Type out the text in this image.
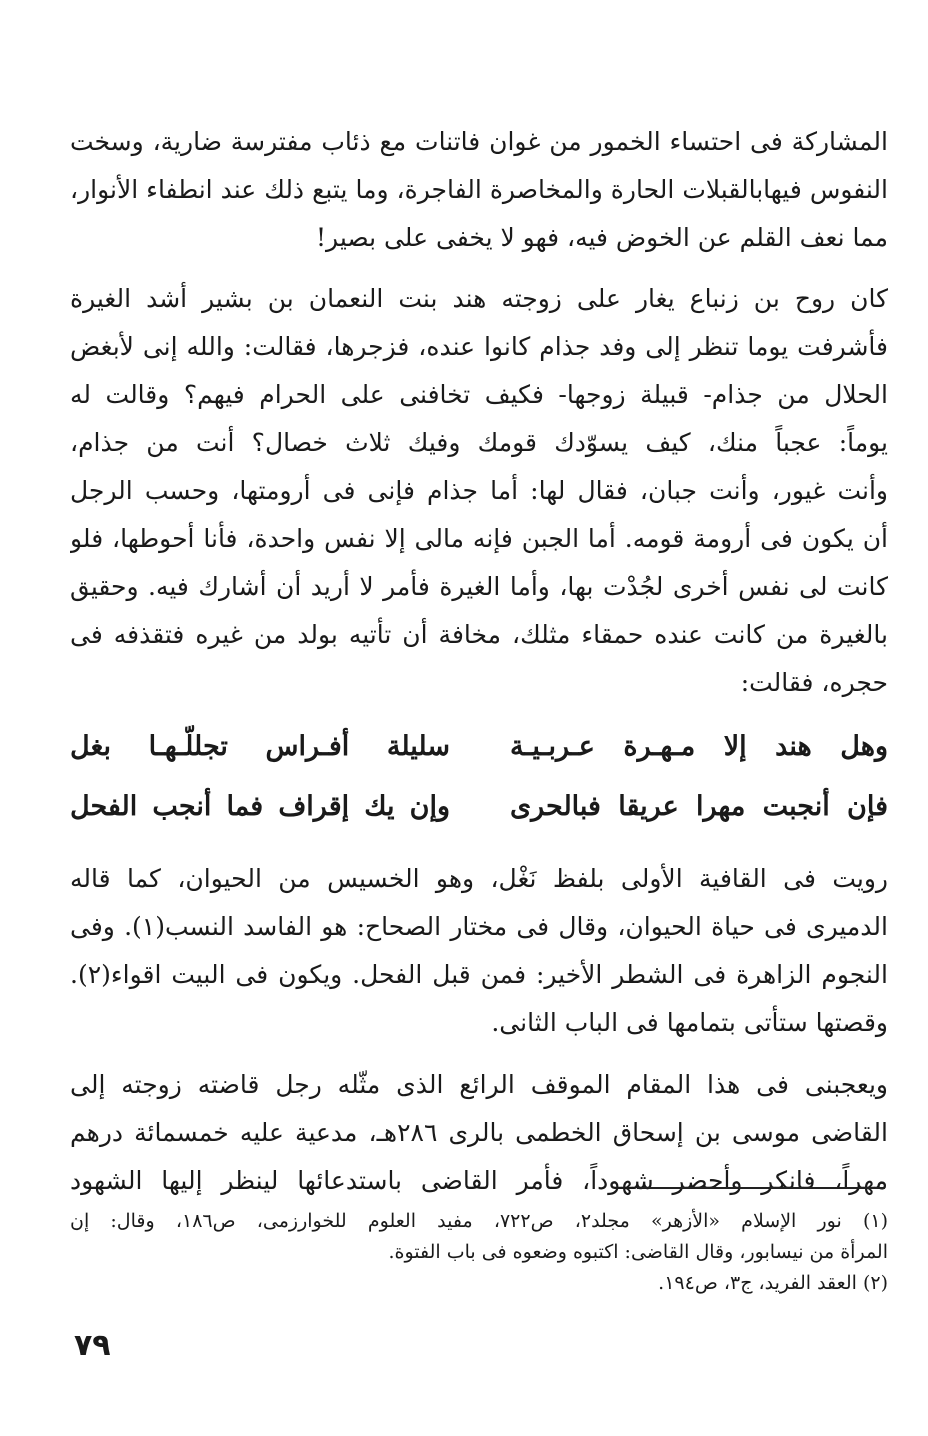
المشاركة فى احتساء الخمور من غوان فاتنات مع ذئاب مفترسة ضارية، وسخت
النفوس فيهابالقبلات الحارة والمخاصرة الفاجرة، وما يتبع ذلك عند انطفاء الأنوار،
مما نعف القلم عن الخوض فيه، فهو لا يخفى على بصير!
كان روح بن زنباع يغار على زوجته هند بنت النعمان بن بشير أشد الغيرة
فأشرفت يوما تنظر إلى وفد جذام كانوا عنده، فزجرها، فقالت: والله إنى لأبغض
الحلال من جذام- قبيلة زوجها- فكيف تخافنى على الحرام فيهم؟ وقالت له
يوماً: عجباً منك، كيف يسوّدك قومك وفيك ثلاث خصال؟ أنت من جذام،
وأنت غيور، وأنت جبان، فقال لها: أما جذام فإنى فى أرومتها، وحسب الرجل
أن يكون فى أرومة قومه. أما الجبن فإنه مالى إلا نفس واحدة، فأنا أحوطها، فلو
كانت لى نفس أخرى لجُدْت بها، وأما الغيرة فأمر لا أريد أن أشارك فيه. وحقيق
بالغيرة من كانت عنده حمقاء مثلك، مخافة أن تأتيه بولد من غيره فتقذفه فى
حجره، فقالت:
وهل هند إلا مـهـرة عـربـيـة
سليلة أفـراس تجللّـهـا بغل
فإن أنجبت مهرا عريقا فبالحرى
وإن يك إقراف فما أنجب الفحل
رويت فى القافية الأولى بلفظ نَغْل، وهو الخسيس من الحيوان، كما قاله
الدميرى فى حياة الحيوان، وقال فى مختار الصحاح: هو الفاسد النسب(١). وفى
النجوم الزاهرة فى الشطر الأخير: فمن قبل الفحل. ويكون فى البيت اقواء(٢).
وقصتها ستأتى بتمامها فى الباب الثانى.
ويعجبنى فى هذا المقام الموقف الرائع الذى مثّله رجل قاضته زوجته إلى
القاضى موسى بن إسحاق الخطمى بالرى ٢٨٦هـ، مدعية عليه خمسمائة درهم
مهراً، فانكر وأحضر شهوداً، فأمر القاضى باستدعائها لينظر إليها الشهود
(١) نور الإسلام «الأزهر» مجلد٢، ص٧٢٢، مفيد العلوم للخوارزمى، ص١٨٦، وقال: إن
المرأة من نيسابور، وقال القاضى: اكتبوه وضعوه فى باب الفتوة.
(٢) العقد الفريد، ج٣، ص١٩٤.
٧٩
